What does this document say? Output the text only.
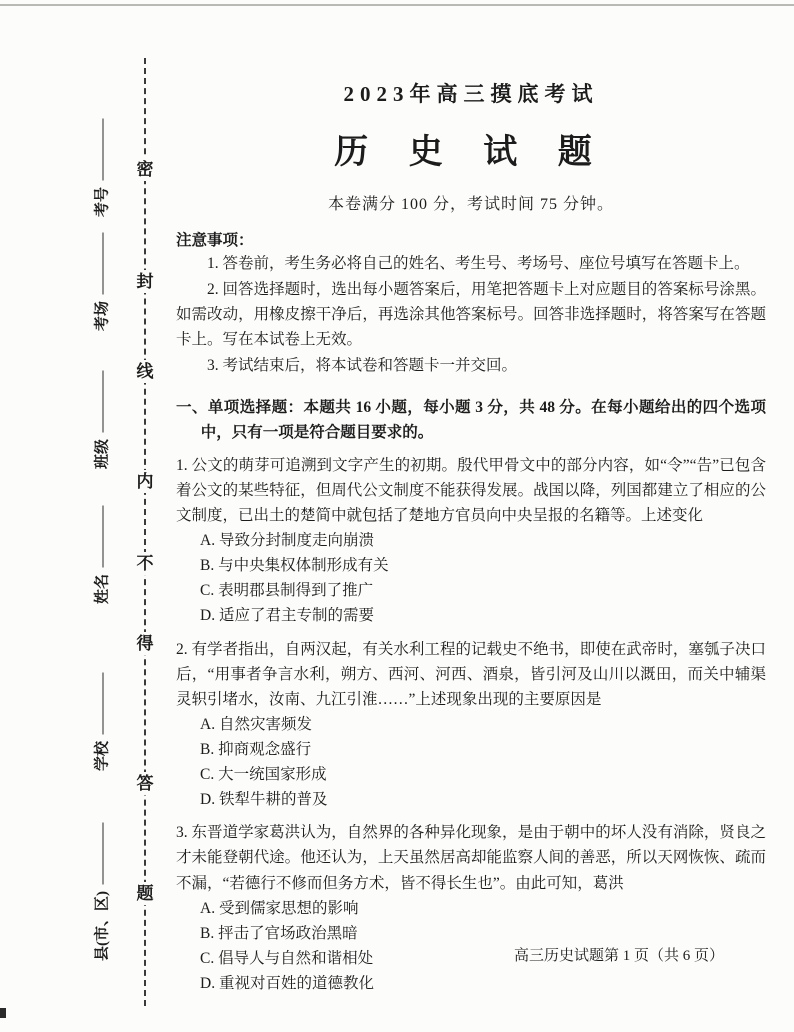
密
封
线
内
不
得
答
题
考号
考场
班级
姓名
学校
县(市、区)
2023年高三摸底考试
历 史 试 题
本卷满分 100 分，考试时间 75 分钟。
注意事项：

1. 答卷前，考生务必将自己的姓名、考生号、考场号、座位号填写在答题卡上。

2. 回答选择题时，选出每小题答案后，用笔把答题卡上对应题目的答案标号涂黑。如需改动，用橡皮擦干净后，再选涂其他答案标号。回答非选择题时，将答案写在答题卡上。写在本试卷上无效。

3. 考试结束后，将本试卷和答题卡一并交回。

一、单项选择题：本题共 16 小题，每小题 3 分，共 48 分。在每小题给出的四个选项中，只有一项是符合题目要求的。

1. 公文的萌芽可追溯到文字产生的初期。殷代甲骨文中的部分内容，如“令”“告”已包含着公文的某些特征，但周代公文制度不能获得发展。战国以降，列国都建立了相应的公文制度，已出土的楚简中就包括了楚地方官员向中央呈报的名籍等。上述变化

A. 导致分封制度走向崩溃

B. 与中央集权体制形成有关

C. 表明郡县制得到了推广

D. 适应了君主专制的需要

2. 有学者指出，自两汉起，有关水利工程的记载史不绝书，即使在武帝时，塞瓠子决口后，“用事者争言水利，朔方、西河、河西、酒泉，皆引河及山川以溉田，而关中辅渠灵轵引堵水，汝南、九江引淮……”上述现象出现的主要原因是

A. 自然灾害频发

B. 抑商观念盛行

C. 大一统国家形成

D. 铁犁牛耕的普及

3. 东晋道学家葛洪认为，自然界的各种异化现象，是由于朝中的坏人没有消除，贤良之才未能登朝代途。他还认为，上天虽然居高却能监察人间的善恶，所以天网恢恢、疏而不漏，“若德行不修而但务方术，皆不得长生也”。由此可知，葛洪

A. 受到儒家思想的影响

B. 抨击了官场政治黑暗

C. 倡导人与自然和谐相处

D. 重视对百姓的道德教化

高三历史试题第 1 页（共 6 页）
